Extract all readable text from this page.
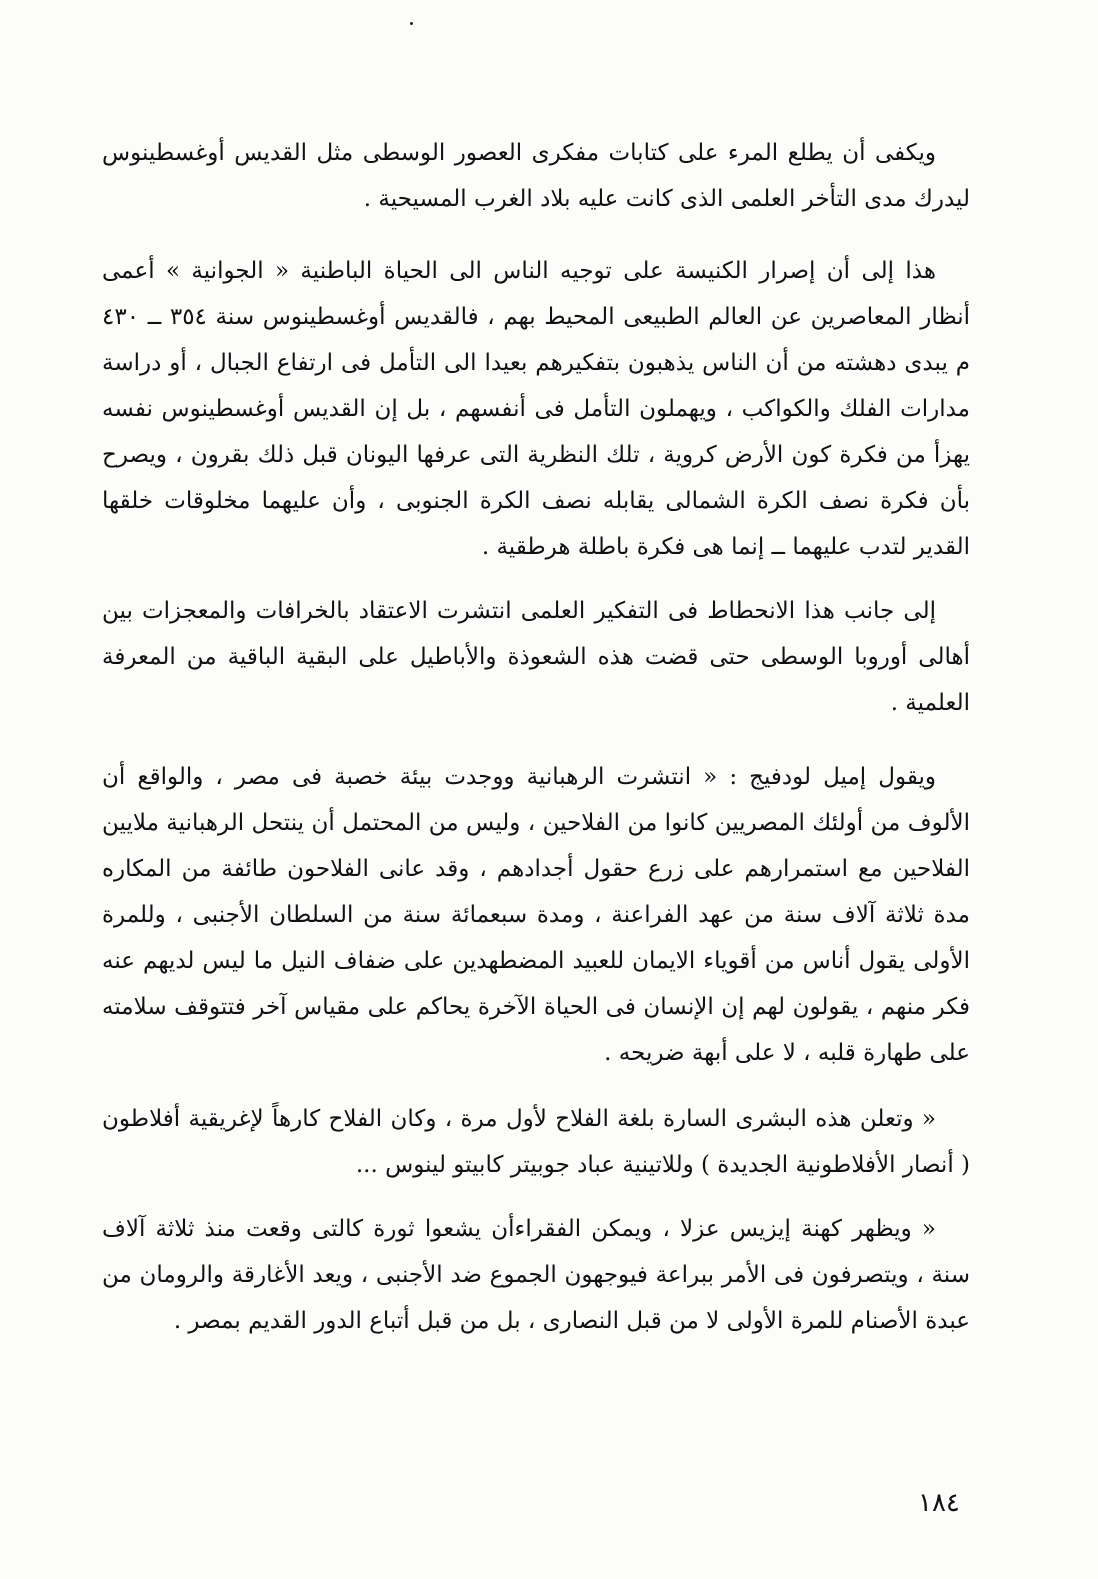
ويكفى أن يطلع المرء على كتابات مفكرى العصور الوسطى مثل القديس أوغسطينوس ليدرك مدى التأخر العلمى الذى كانت عليه بلاد الغرب المسيحية .

هذا إلى أن إصرار الكنيسة على توجيه الناس الى الحياة الباطنية « الجوانية » أعمى أنظار المعاصرين عن العالم الطبيعى المحيط بهم ، فالقديس أوغسطينوس سنة ٣٥٤ ــ ٤٣٠ م يبدى دهشته من أن الناس يذهبون بتفكيرهم بعيدا الى التأمل فى ارتفاع الجبال ، أو دراسة مدارات الفلك والكواكب ، ويهملون التأمل فى أنفسهم ، بل إن القديس أوغسطينوس نفسه يهزأ من فكرة كون الأرض كروية ، تلك النظرية التى عرفها اليونان قبل ذلك بقرون ، ويصرح بأن فكرة نصف الكرة الشمالى يقابله نصف الكرة الجنوبى ، وأن عليهما مخلوقات خلقها القدير لتدب عليهما ــ إنما هى فكرة باطلة هرطقية .

إلى جانب هذا الانحطاط فى التفكير العلمى انتشرت الاعتقاد بالخرافات والمعجزات بين أهالى أوروبا الوسطى حتى قضت هذه الشعوذة والأباطيل على البقية الباقية من المعرفة العلمية .

ويقول إميل لودفيج : « انتشرت الرهبانية ووجدت بيئة خصبة فى مصر ، والواقع أن الألوف من أولئك المصريين كانوا من الفلاحين ، وليس من المحتمل أن ينتحل الرهبانية ملايين الفلاحين مع استمرارهم على زرع حقول أجدادهم ، وقد عانى الفلاحون طائفة من المكاره مدة ثلاثة آلاف سنة من عهد الفراعنة ، ومدة سبعمائة سنة من السلطان الأجنبى ، وللمرة الأولى يقول أناس من أقوياء الايمان للعبيد المضطهدين على ضفاف النيل ما ليس لديهم عنه فكر منهم ، يقولون لهم إن الإنسان فى الحياة الآخرة يحاكم على مقياس آخر فتتوقف سلامته على طهارة قلبه ، لا على أبهة ضريحه .

« وتعلن هذه البشرى السارة بلغة الفلاح لأول مرة ، وكان الفلاح كارهاً لإغريقية أفلاطون ( أنصار الأفلاطونية الجديدة ) وللاتينية عباد جوبيتر كابيتو لينوس ...

« ويظهر كهنة إيزيس عزلا ، ويمكن الفقراءأن يشعوا ثورة كالتى وقعت منذ ثلاثة آلاف سنة ، ويتصرفون فى الأمر ببراعة فيوجهون الجموع ضد الأجنبى ، ويعد الأغارقة والرومان من عبدة الأصنام للمرة الأولى لا من قبل النصارى ، بل من قبل أتباع الدور القديم بمصر .

١٨٤
